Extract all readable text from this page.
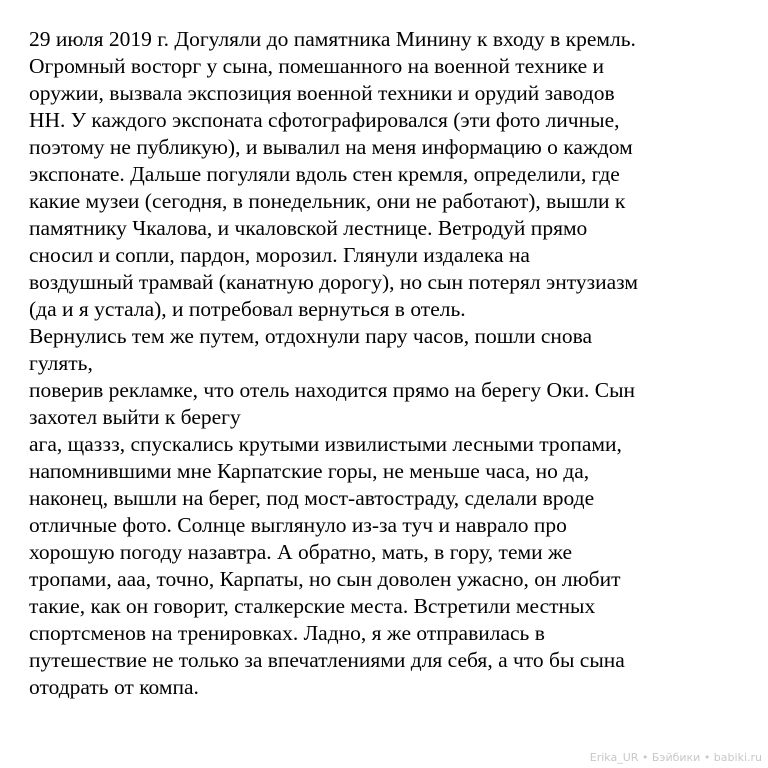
29 июля 2019 г. Догуляли до памятника Минину к входу в кремль.
Огромный восторг у сына, помешанного на военной технике и
оружии, вызвала экспозиция военной техники и орудий заводов
НН. У каждого экспоната сфотографировался (эти фото личные,
поэтому не публикую), и вывалил на меня информацию о каждом
экспонате. Дальше погуляли вдоль стен кремля, определили, где
какие музеи (сегодня, в понедельник, они не работают), вышли к
памятнику Чкалова, и чкаловской лестнице. Ветродуй прямо
сносил и сопли, пардон, морозил. Глянули издалека на
воздушный трамвай (канатную дорогу), но сын потерял энтузиазм
(да и я устала), и потребовал вернуться в отель.
Вернулись тем же путем, отдохнули пару часов, пошли снова
гулять,
поверив рекламке, что отель находится прямо на берегу Оки. Сын
захотел выйти к берегу
ага, щаззз, спускались крутыми извилистыми лесными тропами,
напомнившими мне Карпатские горы, не меньше часа, но да,
наконец, вышли на берег, под мост-автостраду, сделали вроде
отличные фото. Солнце выглянуло из-за туч и наврало про
хорошую погоду назавтра. А обратно, мать, в гору, теми же
тропами, ааа, точно, Карпаты, но сын доволен ужасно, он любит
такие, как он говорит, сталкерские места. Встретили местных
спортсменов на тренировках. Ладно, я же отправилась в
путешествие не только за впечатлениями для себя, а что бы сына
отодрать от компа.
Erika_UR • Бэйбики • babiki.ru
